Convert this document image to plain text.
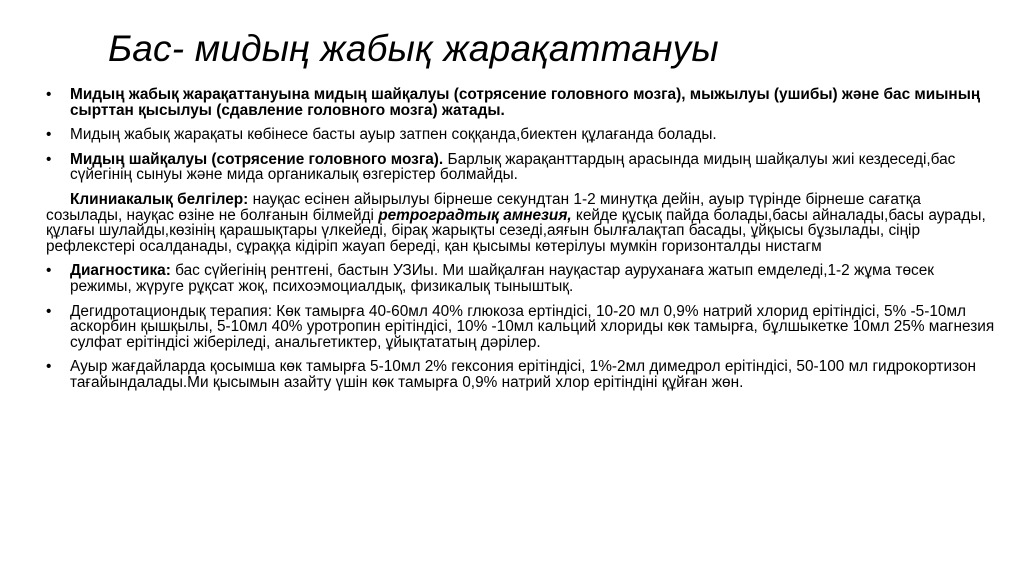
Бас- мидың жабық жарақаттануы
• Мидың жабық жарақаттануына мидың шайқалуы (сотрясение головного мозга), мыжылуы (ушибы) және бас миының сырттан қысылуы (сдавление головного мозга) жатады.
• Мидың жабық жарақаты көбінесе басты ауыр затпен соққанда,биектен құлағанда болады.
• Мидың шайқалуы (сотрясение головного мозга). Барлық жарақанттардың арасында мидың шайқалуы жиі кездеседі,бас сүйегінің сынуы және мида органикалық өзгерістер болмайды.
Клиниакалық белгілер: науқас есінен айырылуы бірнеше секундтан 1-2 минутқа дейін, ауыр түрінде бірнеше сағатқа созылады, науқас өзіне не болғанын білмейді ретроградтық амнезия, кейде құсық пайда болады,басы айналады,басы аурады, құлағы шулайды,көзінің қарашықтары үлкейеді, бірақ жарықты сезеді,аяғын былғалақтап басады, ұйқысы бұзылады, сіңір рефлекстері осалданады, сұраққа кідіріп жауап береді, қан қысымы көтерілуы мумкін горизонталды нистагм
• Диагностика: бас сүйегінің рентгені, бастын УЗИы. Ми шайқалған науқастар ауруханаға жатып емделеді,1-2 жұма төсек режимы, жүруге рұқсат жоқ, психоэмоциалдық, физикалық тыныштық.
• Дегидротациондық терапия: Көк тамырға 40-60мл 40% глюкоза ертіндісі, 10-20 мл 0,9% натрий хлорид ерітіндісі, 5% -5-10мл аскорбин қышқылы, 5-10мл 40% уротропин ерітіндісі, 10% -10мл кальций хлориды көк тамырға, бұлшыкетке 10мл 25% магнезия сулфат ерітіндісі жіберіледі, анальгетиктер, ұйықтататың дәрілер.
• Ауыр жағдайларда қосымша көк тамырға 5-10мл 2% гексония ерітіндісі, 1%-2мл димедрол ерітіндісі, 50-100 мл гидрокортизон тағайындалады.Ми қысымын азайту үшін көк тамырға 0,9% натрий хлор ерітіндіні құйған жөн.
